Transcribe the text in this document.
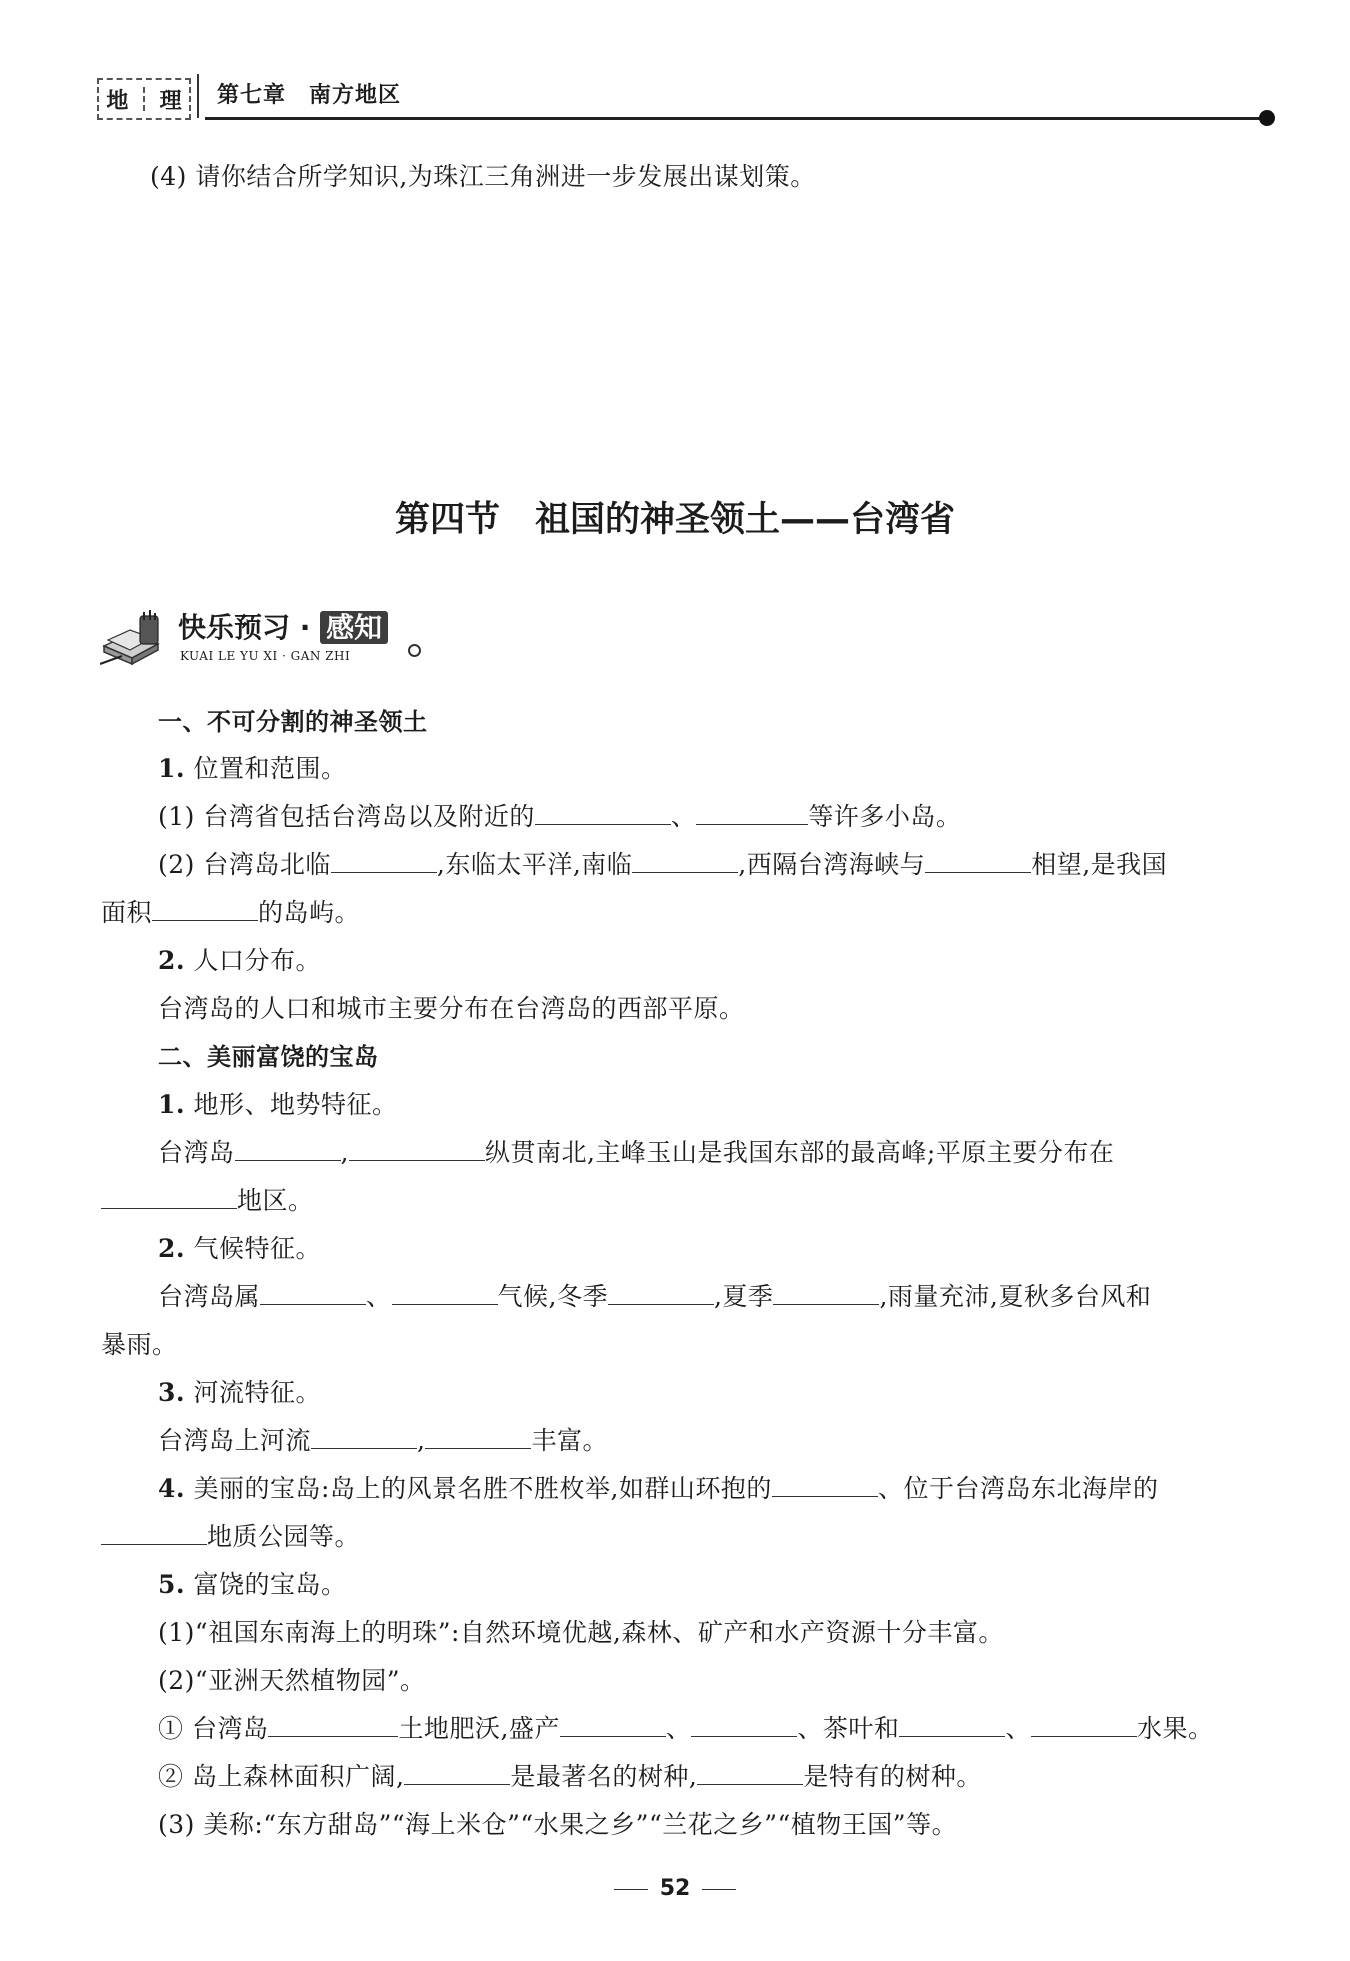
地 理 第七章　南方地区
(4) 请你结合所学知识,为珠江三角洲进一步发展出谋划策。
第四节　祖国的神圣领土——台湾省
快乐预习 · 感知
KUAI LE YU XI · GAN ZHI
一、不可分割的神圣领土
1. 位置和范围。
(1) 台湾省包括台湾岛以及附近的	、	等许多小岛。
(2) 台湾岛北临	,东临太平洋,南临	,西隔台湾海峡与	相望,是我国
面积	的岛屿。
2. 人口分布。
台湾岛的人口和城市主要分布在台湾岛的西部平原。
二、美丽富饶的宝岛
1. 地形、地势特征。
台湾岛	,	纵贯南北,主峰玉山是我国东部的最高峰;平原主要分布在
地区。
2. 气候特征。
台湾岛属	、	气候,冬季	,夏季	,雨量充沛,夏秋多台风和
暴雨。
3. 河流特征。
台湾岛上河流	,	丰富。
4. 美丽的宝岛:岛上的风景名胜不胜枚举,如群山环抱的	、位于台湾岛东北海岸的
地质公园等。
5. 富饶的宝岛。
(1)“祖国东南海上的明珠”:自然环境优越,森林、矿产和水产资源十分丰富。
(2)“亚洲天然植物园”。
① 台湾岛	土地肥沃,盛产	、	、茶叶和	、	水果。
② 岛上森林面积广阔,	是最著名的树种,	是特有的树种。
(3) 美称:“东方甜岛”“海上米仓”“水果之乡”“兰花之乡”“植物王国”等。
52
